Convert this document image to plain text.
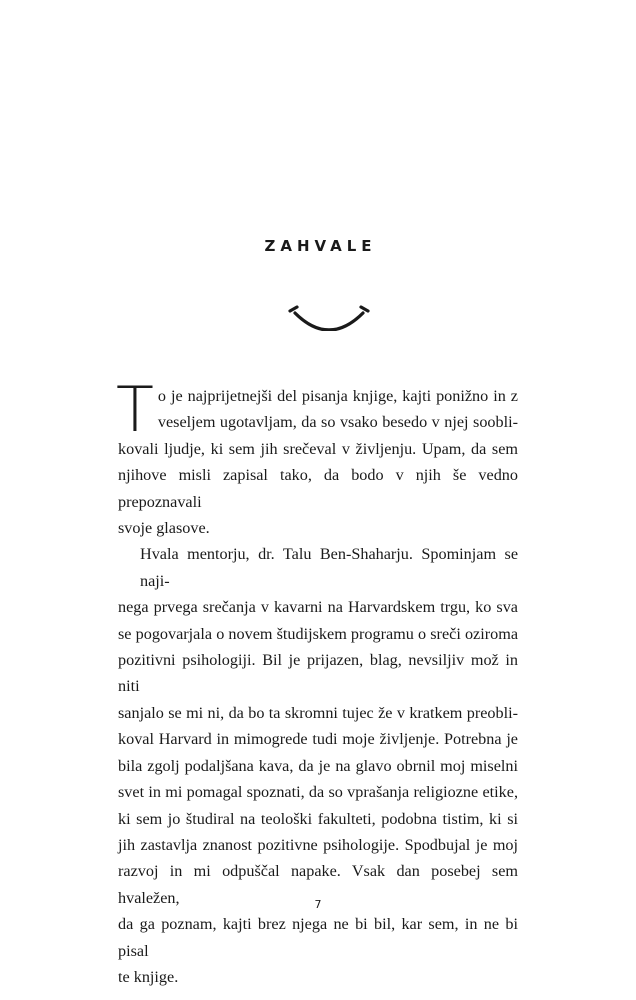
ZAHVALE
T o je najprijetnejši del pisanja knjige, kajti ponižno in z
veseljem ugotavljam, da so vsako besedo v njej soobli-
kovali ljudje, ki sem jih srečeval v življenju. Upam, da sem
njihove misli zapisal tako, da bodo v njih še vedno prepoznavali
svoje glasove.
Hvala mentorju, dr. Talu Ben-Shaharju. Spominjam se naji-
nega prvega srečanja v kavarni na Harvardskem trgu, ko sva
se pogovarjala o novem študijskem programu o sreči oziroma
pozitivni psihologiji. Bil je prijazen, blag, nevsiljiv mož in niti
sanjalo se mi ni, da bo ta skromni tujec že v kratkem preobli-
koval Harvard in mimogrede tudi moje življenje. Potrebna je
bila zgolj podaljšana kava, da je na glavo obrnil moj miselni
svet in mi pomagal spoznati, da so vprašanja religiozne etike,
ki sem jo študiral na teološki fakulteti, podobna tistim, ki si
jih zastavlja znanost pozitivne psihologije. Spodbujal je moj
razvoj in mi odpuščal napake. Vsak dan posebej sem hvaležen,
da ga poznam, kajti brez njega ne bi bil, kar sem, in ne bi pisal
te knjige.
7
